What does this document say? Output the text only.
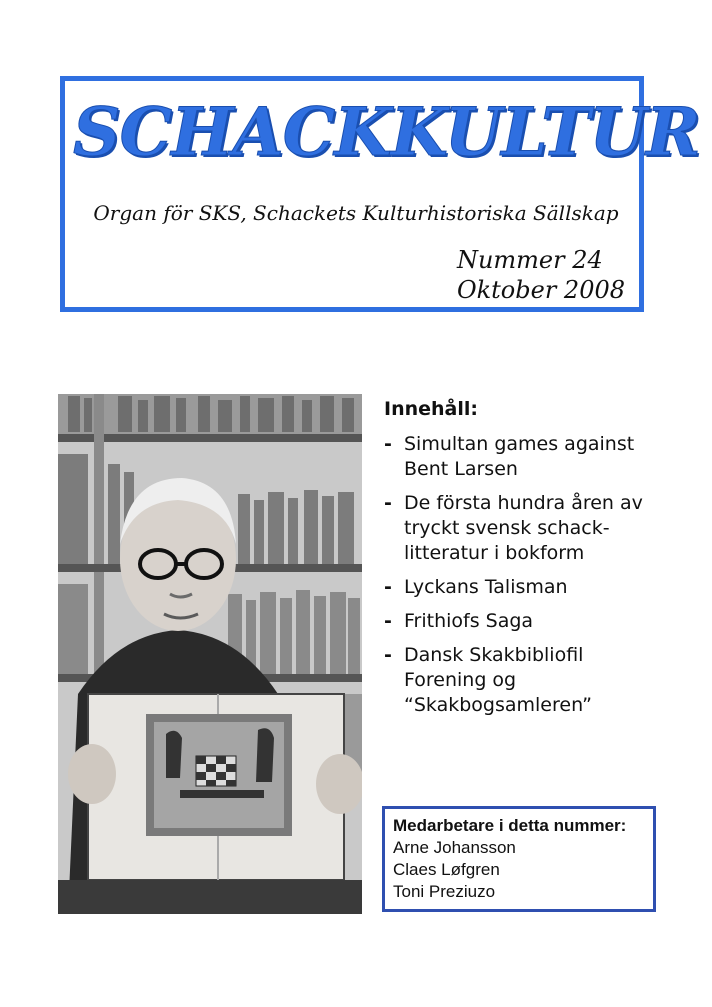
SCHACKKULTUR
Organ för SKS, Schackets Kulturhistoriska Sällskap
Nummer 24
Oktober 2008
Innehåll:
- Simultan games against
Bent Larsen
- De första hundra åren av
tryckt svensk schack-
litteratur i bokform
- Lyckans Talisman
- Frithiofs Saga
- Dansk Skakbibliofil
Forening og
“Skakbogsamleren”
Medarbetare i detta nummer:
Arne Johansson
Claes Løfgren
Toni Preziuzo
